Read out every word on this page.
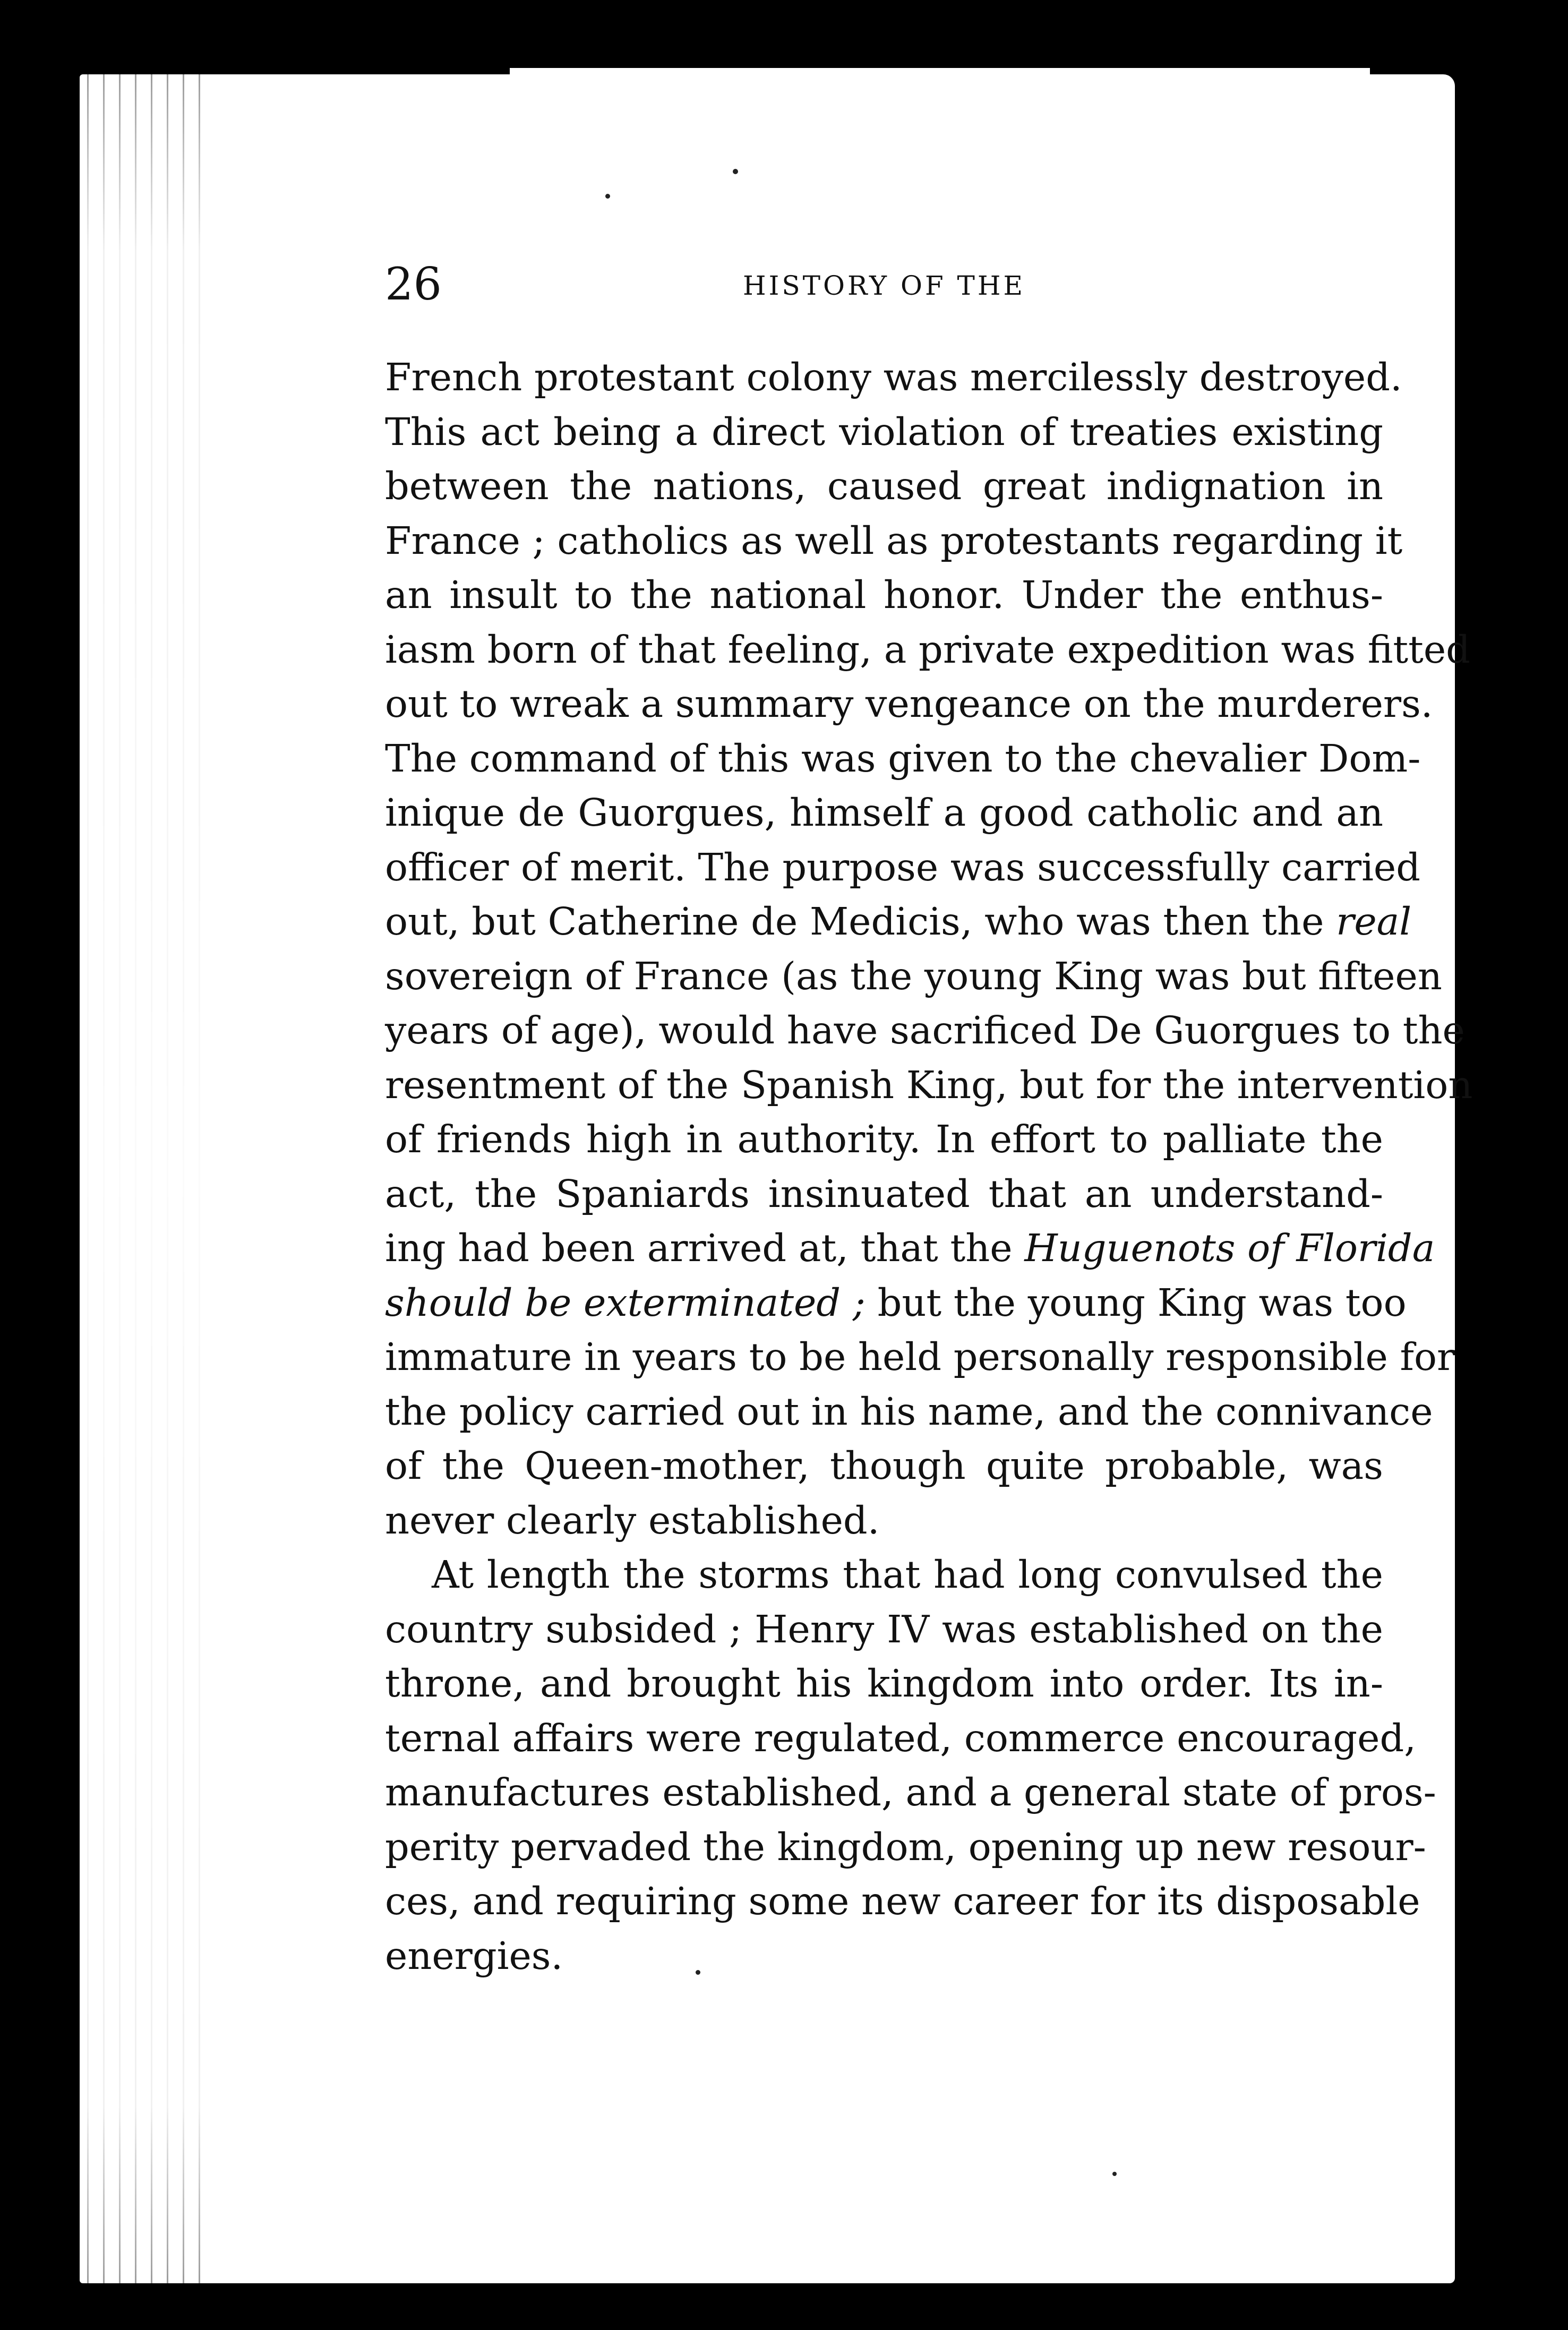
26	HISTORY OF THE
French protestant colony was mercilessly destroyed.
This act being a direct violation of treaties existing
between the nations, caused great indignation in
France ; catholics as well as protestants regarding it
an insult to the national honor. Under the enthus-
iasm born of that feeling, a private expedition was fitted
out to wreak a summary vengeance on the murderers.
The command of this was given to the chevalier Dom-
inique de Guorgues, himself a good catholic and an
officer of merit. The purpose was successfully carried
out, but Catherine de Medicis, who was then the real
sovereign of France (as the young King was but fifteen
years of age), would have sacrificed De Guorgues to the
resentment of the Spanish King, but for the intervention
of friends high in authority. In effort to palliate the
act, the Spaniards insinuated that an understand-
ing had been arrived at, that the Huguenots of Florida
should be exterminated ; but the young King was too
immature in years to be held personally responsible for
the policy carried out in his name, and the connivance
of the Queen-mother, though quite probable, was
never clearly established.
At length the storms that had long convulsed the
country subsided ; Henry IV was established on the
throne, and brought his kingdom into order. Its in-
ternal affairs were regulated, commerce encouraged,
manufactures established, and a general state of pros-
perity pervaded the kingdom, opening up new resour-
ces, and requiring some new career for its disposable
energies.
